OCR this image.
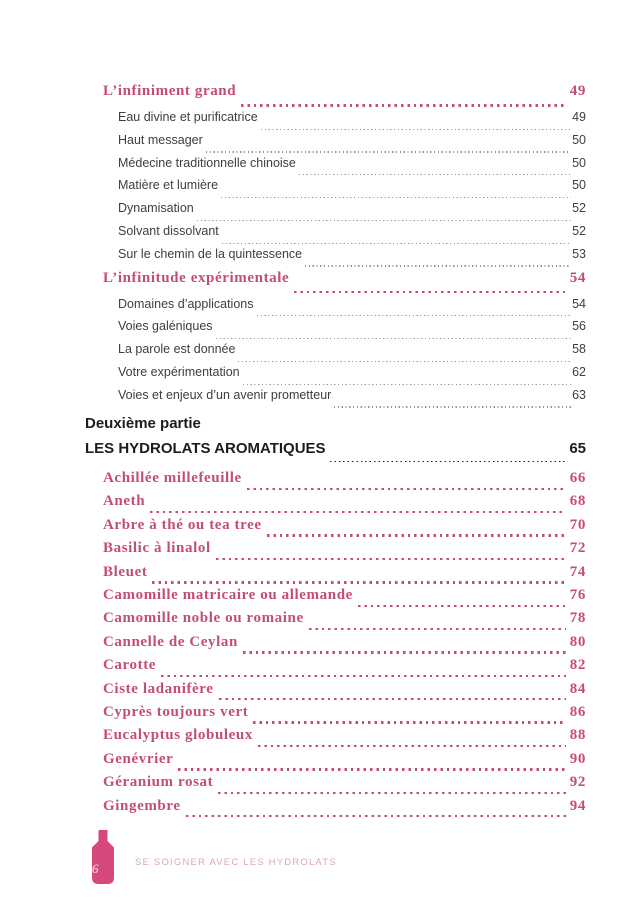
L’infiniment grand	49
Eau divine et purificatrice	49
Haut messager	50
Médecine traditionnelle chinoise	50
Matière et lumière	50
Dynamisation	52
Solvant dissolvant	52
Sur le chemin de la quintessence	53
L’infinitude expérimentale	54
Domaines d’applications	54
Voies galéniques	56
La parole est donnée	58
Votre expérimentation	62
Voies et enjeux d’un avenir prometteur	63
Deuxième partie
LES HYDROLATS AROMATIQUES	65
Achillée millefeuille	66
Aneth	68
Arbre à thé ou tea tree	70
Basilic à linalol	72
Bleuet	74
Camomille matricaire ou allemande	76
Camomille noble ou romaine	78
Cannelle de Ceylan	80
Carotte	82
Ciste ladanifère	84
Cyprès toujours vert	86
Eucalyptus globuleux	88
Genévrier	90
Géranium rosat	92
Gingembre	94
6	SE SOIGNER AVEC LES HYDROLATS
